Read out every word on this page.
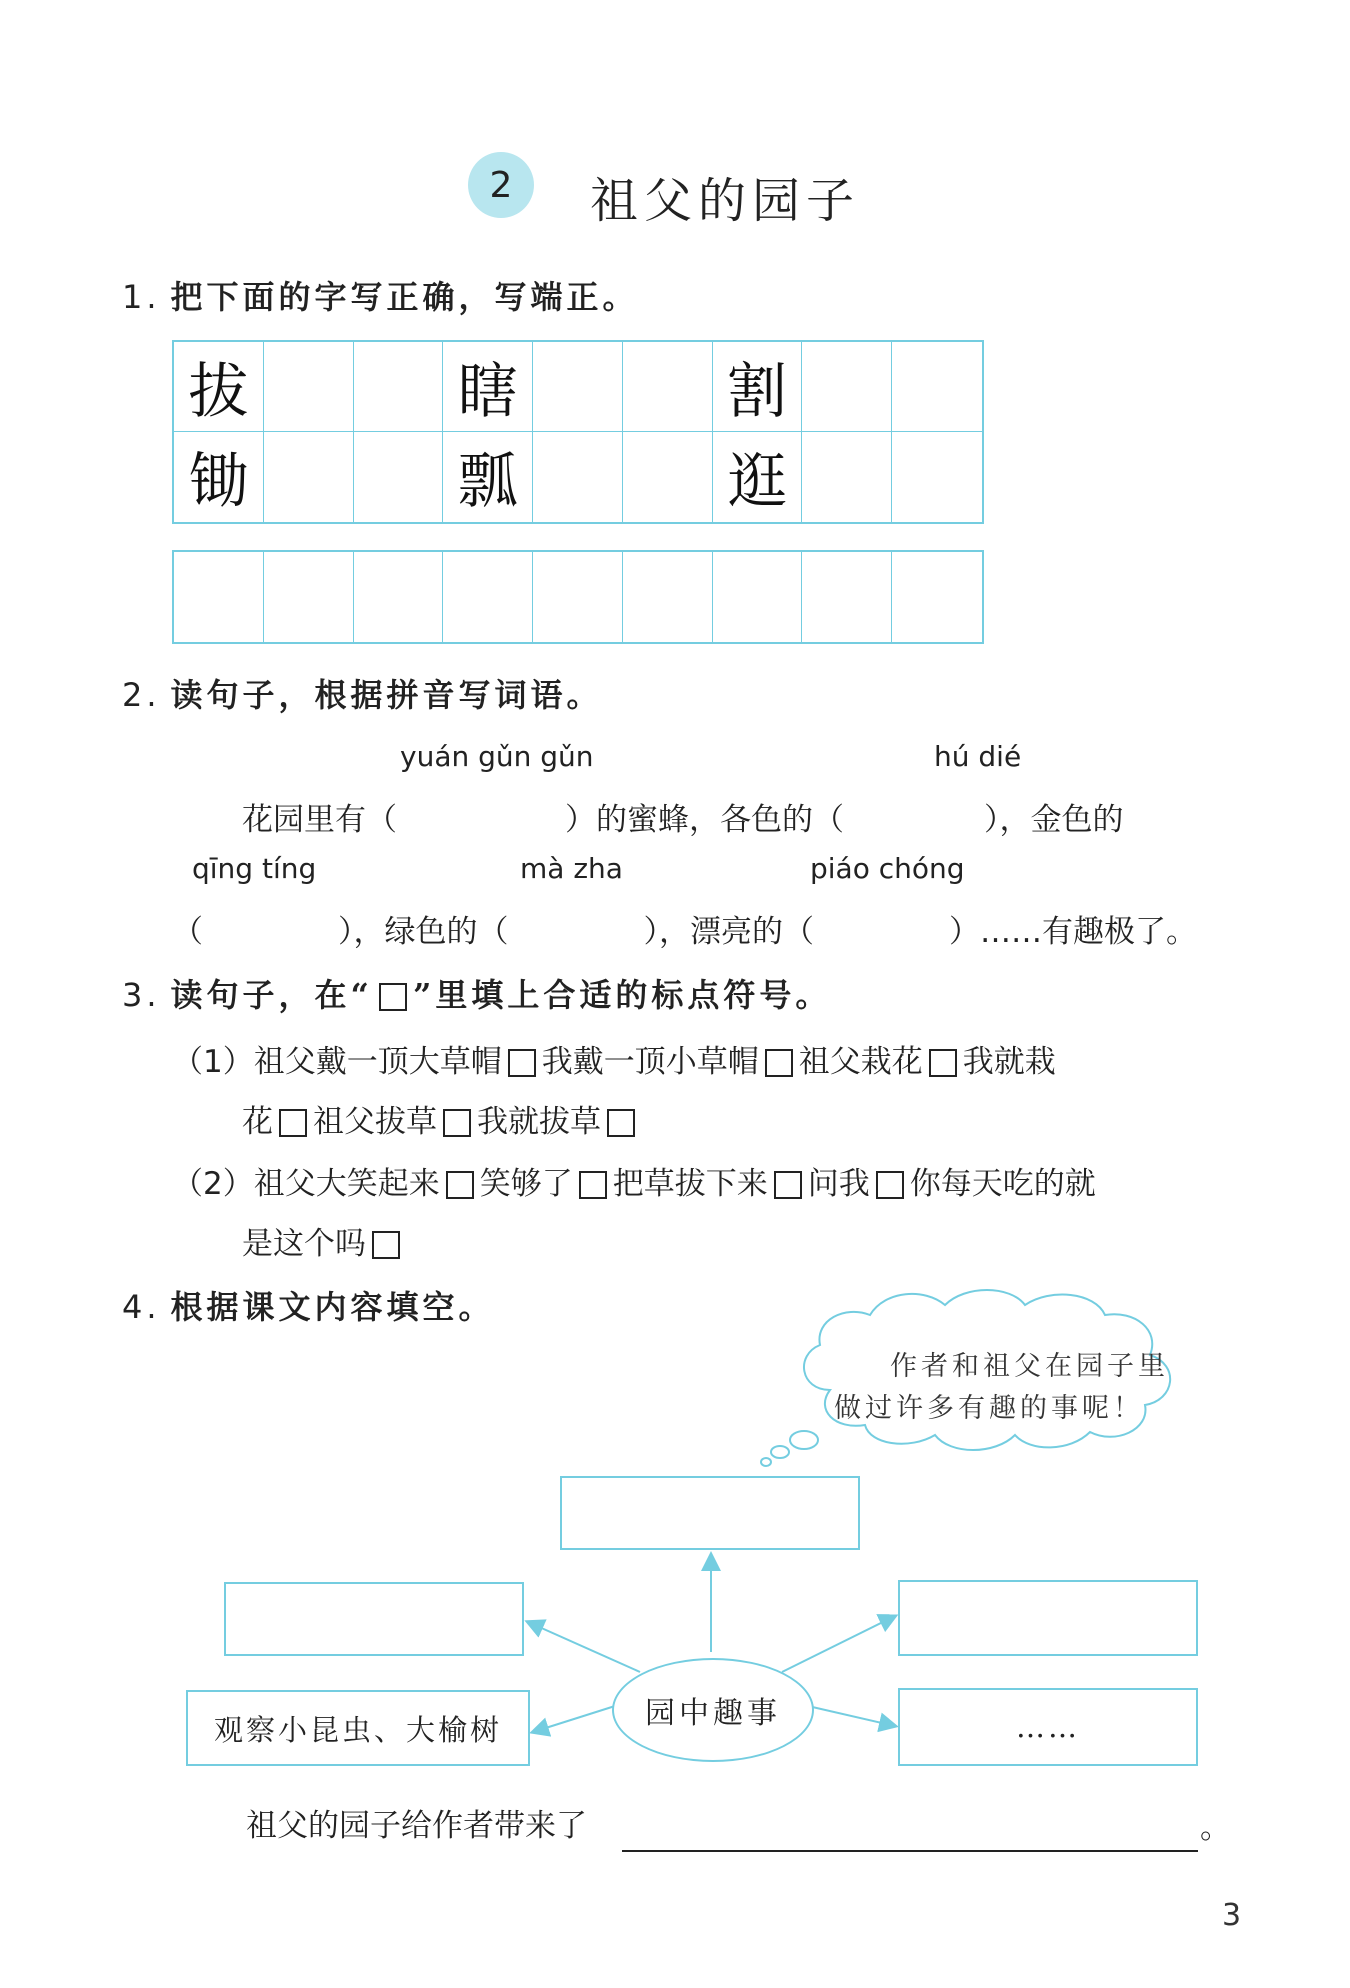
2	祖父的园子
1. 把下面的字写正确，写端正。
拔	瞎	割
锄	瓢	逛
2. 读句子，根据拼音写词语。
yuán gǔn gǔn	hú dié
花园里有（	）的蜜蜂，各色的（	），金色的
qīng tíng	mà zha	piáo chóng
（	），绿色的（	），漂亮的（	）……有趣极了。
3. 读句子，在“ ”里填上合适的标点符号。
（1）祖父戴一顶大草帽 我戴一顶小草帽 祖父栽花 我就栽
花 祖父拔草 我就拔草
（2）祖父大笑起来 笑够了 把草拔下来 问我 你每天吃的就
是这个吗
4. 根据课文内容填空。
作者和祖父在园子里
做过许多有趣的事呢！
观察小昆虫、大榆树	……
园中趣事
祖父的园子给作者带来了	。
3
